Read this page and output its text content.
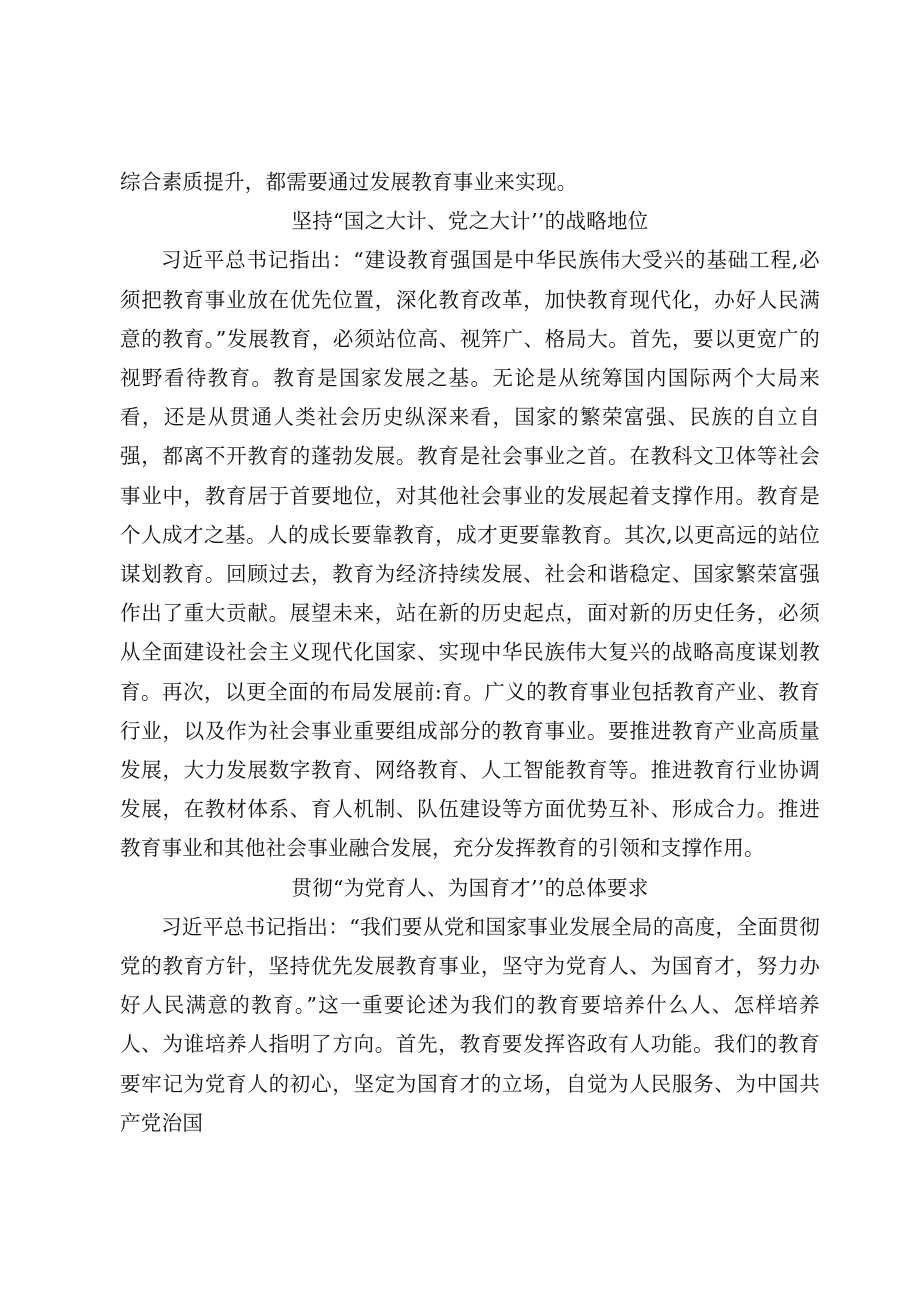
综合素质提升，都需要通过发展教育事业来实现。

坚持“国之大计、党之大计’’的战略地位

习近平总书记指出：“建设教育强国是中华民族伟大受兴的基础工程,必须把教育事业放在优先位置，深化教育改革，加快教育现代化，办好人民满意的教育。”发展教育，必须站位高、视笄广、格局大。首先，要以更宽广的视野看待教育。教育是国家发展之基。无论是从统筹国内国际两个大局来看，还是从贯通人类社会历史纵深来看，国家的繁荣富强、民族的自立自强，都离不开教育的蓬勃发展。教育是社会事业之首。在教科文卫体等社会事业中，教育居于首要地位，对其他社会事业的发展起着支撑作用。教育是个人成才之基。人的成长要靠教育，成才更要靠教育。其次,以更高远的站位谋划教育。回顾过去，教育为经济持续发展、社会和谐稳定、国家繁荣富强作出了重大贡献。展望未来，站在新的历史起点，面对新的历史任务，必须从全面建设社会主义现代化国家、实现中华民族伟大复兴的战略高度谋划教育。再次，以更全面的布局发展前:育。广义的教育事业包括教育产业、教育行业，以及作为社会事业重要组成部分的教育事业。要推进教育产业高质量发展，大力发展数字教育、网络教育、人工智能教育等。推进教育行业协调发展，在教材体系、育人机制、队伍建设等方面优势互补、形成合力。推进教育事业和其他社会事业融合发展，充分发挥教育的引领和支撑作用。

贯彻“为党育人、为国育才’’的总体要求

习近平总书记指出：“我们要从党和国家事业发展全局的高度，全面贯彻党的教育方针，坚持优先发展教育事业，坚守为党育人、为国育才，努力办好人民满意的教育。”这一重要论述为我们的教育要培养什么人、怎样培养人、为谁培养人指明了方向。首先，教育要发挥咨政有人功能。我们的教育要牢记为党育人的初心，坚定为国育才的立场，自觉为人民服务、为中国共产党治国
